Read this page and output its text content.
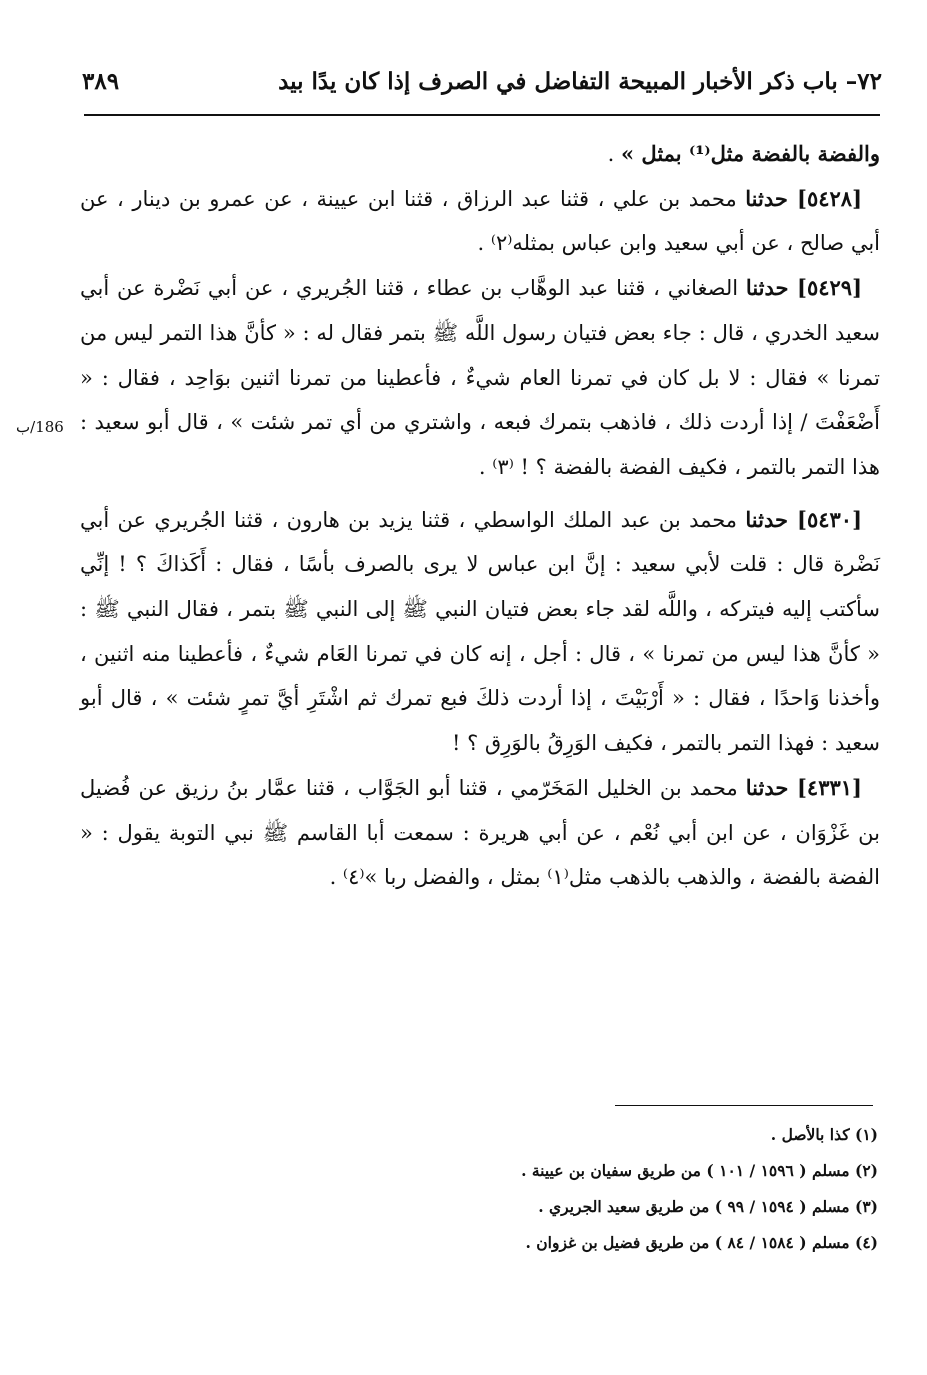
٧٢– باب ذكر الأخبار المبيحة التفاضل في الصرف إذا كان يدًا بيد
٣٨٩
186/ب

والفضة بالفضة مثل⁽¹⁾ بمثل » .

[٥٤٢٨] حدثنا محمد بن علي ، قثنا عبد الرزاق ، قثنا ابن عيينة ، عن عمرو بن دينار ، عن أبي صالح ، عن أبي سعيد وابن عباس بمثله⁽٢⁾ .

[٥٤٢٩] حدثنا الصغاني ، قثنا عبد الوهَّاب بن عطاء ، قثنا الجُريري ، عن أبي نَضْرة عن أبي سعيد الخدري ، قال : جاء بعض فتيان رسول اللَّه ﷺ بتمر فقال له : « كأنَّ هذا التمر ليس من تمرنا » فقال : لا بل كان في تمرنا العام شيءٌ ، فأعطينا من تمرنا اثنين بوَاحِد ، فقال : « أَضْعَفْتَ / إذا أردت ذلك ، فاذهب بتمرك فبعه ، واشتري من أي تمر شئت » ، قال أبو سعيد : هذا التمر بالتمر ، فكيف الفضة بالفضة ؟ ! ⁽٣⁾ .

[٥٤٣٠] حدثنا محمد بن عبد الملك الواسطي ، قثنا يزيد بن هارون ، قثنا الجُريري عن أبي نَضْرة قال : قلت لأبي سعيد : إنَّ ابن عباس لا يرى بالصرف بأسًا ، فقال : أَكَذاكَ ؟ ! إنِّي سأكتب إليه فيتركه ، واللَّه لقد جاء بعض فتيان النبي ﷺ إلى النبي ﷺ بتمر ، فقال النبي ﷺ : « كأنَّ هذا ليس من تمرنا » ، قال : أجل ، إنه كان في تمرنا العَام شيءٌ ، فأعطينا منه اثنين ، وأخذنا وَاحدًا ، فقال : « أَرْبَيْتَ ، إذا أردت ذلكَ فبع تمرك ثم اشْتَرِ أيَّ تمرٍ شئت » ، قال أبو سعيد : فهذا التمر بالتمر ، فكيف الوَرِقُ بالوَرِق ؟ !

[٤٣٣١] حدثنا محمد بن الخليل المَخَرّمي ، قثنا أبو الجَوَّاب ، قثنا عمَّار بنُ رزيق عن فُضيل بن غَزْوَان ، عن ابن أبي نُعْم ، عن أبي هريرة : سمعت أبا القاسم ﷺ نبي التوبة يقول : « الفضة بالفضة ، والذهب بالذهب مثل⁽١⁾ بمثل ، والفضل ربا »⁽٤⁾ .

(١) كذا بالأصل .
(٢) مسلم ( ١٥٩٦ / ١٠١ ) من طريق سفيان بن عيينة .
(٣) مسلم ( ١٥٩٤ / ٩٩ ) من طريق سعيد الجريري .
(٤) مسلم ( ١٥٨٤ / ٨٤ ) من طريق فضيل بن غزوان .
